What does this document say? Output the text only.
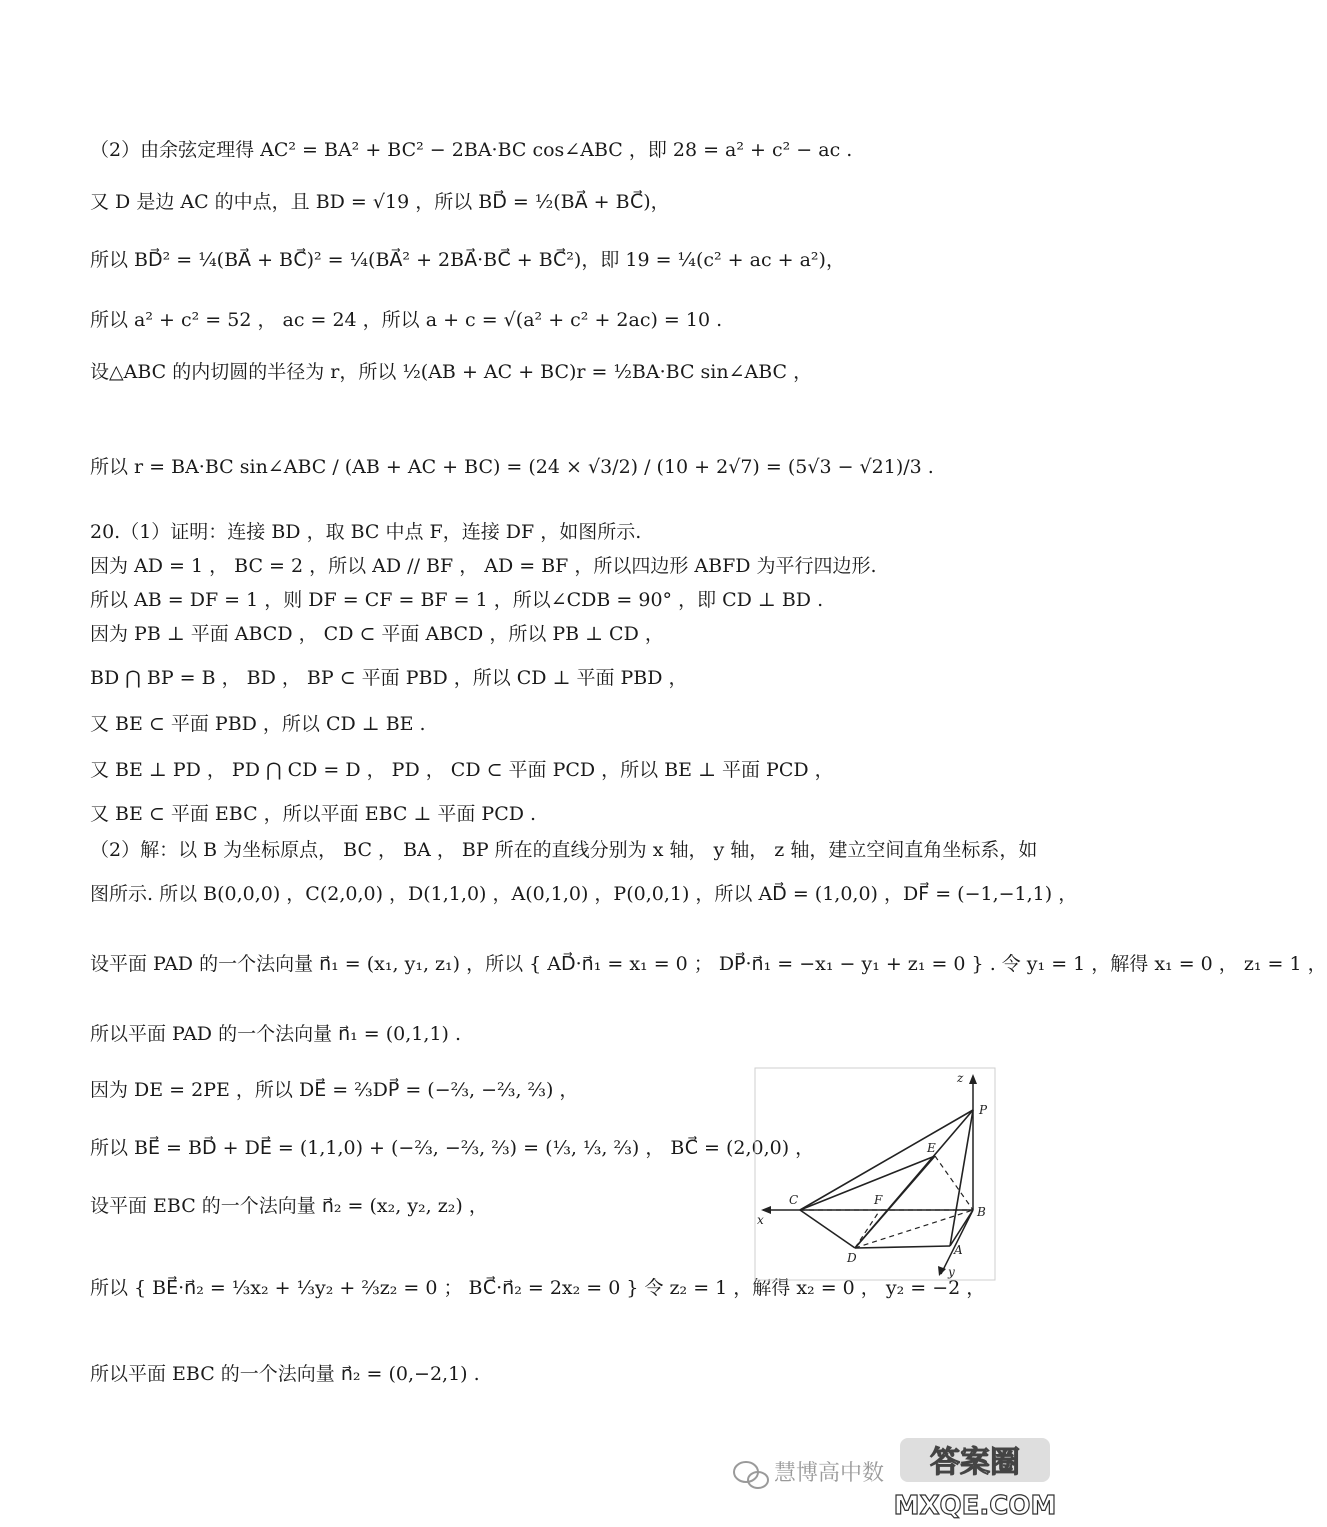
（2）由余弦定理得 AC² = BA² + BC² − 2BA·BC cos∠ABC ，即 28 = a² + c² − ac .
又 D 是边 AC 的中点，且 BD = √19 ，所以 BD⃗ = ½(BA⃗ + BC⃗)，
所以 BD⃗² = ¼(BA⃗ + BC⃗)² = ¼(BA⃗² + 2BA⃗·BC⃗ + BC⃗²)，即 19 = ¼(c² + ac + a²)，
所以 a² + c² = 52 ， ac = 24 ，所以 a + c = √(a² + c² + 2ac) = 10 .
设△ABC 的内切圆的半径为 r，所以 ½(AB + AC + BC)r = ½BA·BC sin∠ABC ，
所以 r = BA·BC sin∠ABC / (AB + AC + BC) = (24 × √3/2) / (10 + 2√7) = (5√3 − √21)/3 .
20.（1）证明：连接 BD ，取 BC 中点 F，连接 DF ，如图所示.
因为 AD = 1 ， BC = 2 ，所以 AD // BF ， AD = BF ，所以四边形 ABFD 为平行四边形.
所以 AB = DF = 1 ，则 DF = CF = BF = 1 ，所以∠CDB = 90° ，即 CD ⊥ BD .
因为 PB ⊥ 平面 ABCD ， CD ⊂ 平面 ABCD ，所以 PB ⊥ CD ，
BD ⋂ BP = B ， BD ， BP ⊂ 平面 PBD ，所以 CD ⊥ 平面 PBD ，
又 BE ⊂ 平面 PBD ，所以 CD ⊥ BE .
又 BE ⊥ PD ， PD ⋂ CD = D ， PD ， CD ⊂ 平面 PCD ，所以 BE ⊥ 平面 PCD ，
又 BE ⊂ 平面 EBC ，所以平面 EBC ⊥ 平面 PCD .
（2）解：以 B 为坐标原点， BC ， BA ， BP 所在的直线分别为 x 轴， y 轴， z 轴，建立空间直角坐标系，如
图所示. 所以 B(0,0,0) ，C(2,0,0) ，D(1,1,0) ，A(0,1,0) ，P(0,0,1) ，所以 AD⃗ = (1,0,0) ，DF⃗ = (−1,−1,1) ，
设平面 PAD 的一个法向量 n⃗₁ = (x₁, y₁, z₁) ，所以 { AD⃗·n⃗₁ = x₁ = 0 ； DP⃗·n⃗₁ = −x₁ − y₁ + z₁ = 0 } . 令 y₁ = 1 ，解得 x₁ = 0 ， z₁ = 1 ，
所以平面 PAD 的一个法向量 n⃗₁ = (0,1,1) .
因为 DE = 2PE ，所以 DE⃗ = ⅔DP⃗ = (−⅔, −⅔, ⅔) ，
所以 BE⃗ = BD⃗ + DE⃗ = (1,1,0) + (−⅔, −⅔, ⅔) = (⅓, ⅓, ⅔) ， BC⃗ = (2,0,0) ，
设平面 EBC 的一个法向量 n⃗₂ = (x₂, y₂, z₂) ，
所以 { BE⃗·n⃗₂ = ⅓x₂ + ⅓y₂ + ⅔z₂ = 0 ； BC⃗·n⃗₂ = 2x₂ = 0 } 令 z₂ = 1 ，解得 x₂ = 0 ， y₂ = −2 ，
所以平面 EBC 的一个法向量 n⃗₂ = (0,−2,1) .
z
P
E
C	F
B
x
D
A
y
慧博高中数 答案圈
MXQE.COM
